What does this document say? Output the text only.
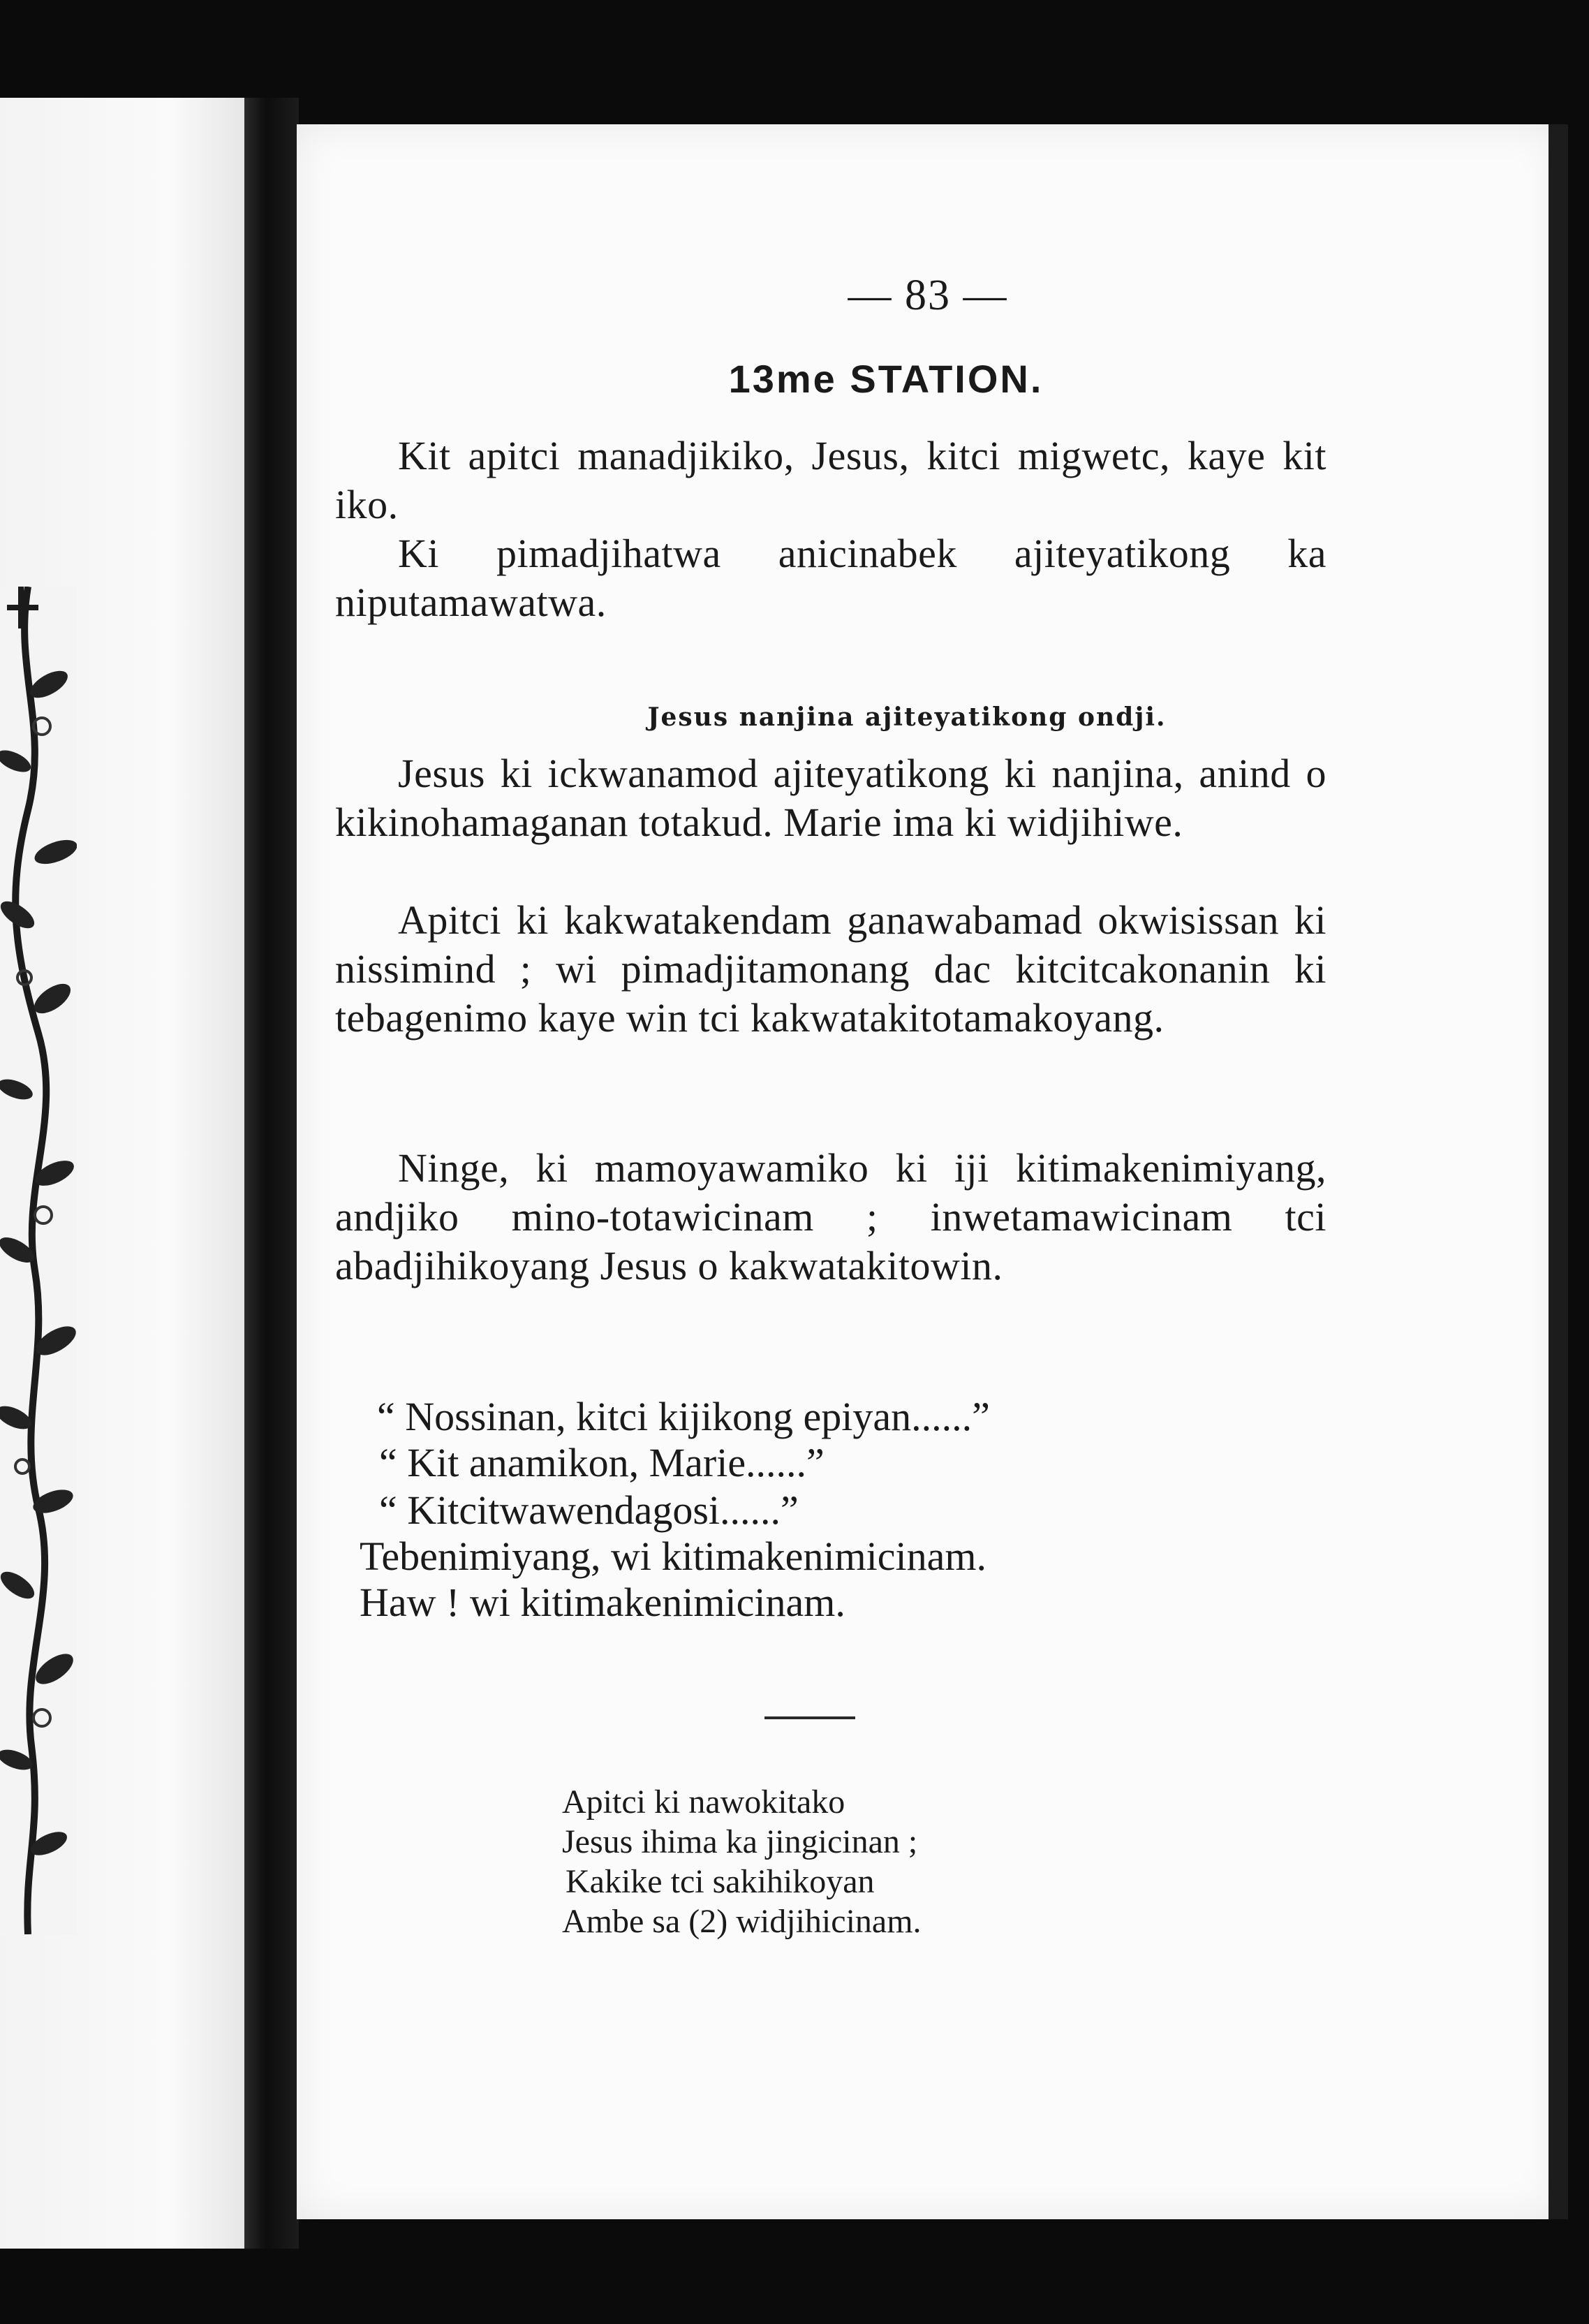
— 83 —
13me STATION.

Kit apitci manadjikiko, Jesus, kitci migwetc, kaye kit iko.

Ki pimadjihatwa anicinabek ajiteyatikong ka niputamawatwa.

Jesus nanjina ajiteyatikong ondji.

Jesus ki ickwanamod ajiteyatikong ki nanjina, anind o kikinohamaganan totakud. Marie ima ki widjihiwe.

Apitci ki kakwatakendam ganawabamad okwisissan ki nissimind ; wi pimadjitamonang dac kitcitcakonanin ki tebagenimo kaye win tci kakwatakitotamakoyang.

Ninge, ki mamoyawamiko ki iji kitimakenimiyang, andjiko mino-totawicinam ; inwetamawicinam tci abadjihikoyang Jesus o kakwatakitowin.

“ Nossinan, kitci kijikong epiyan......”
“ Kit anamikon, Marie......”
“ Kitcitwawendagosi......”
Tebenimiyang, wi kitimakenimicinam.
Haw ! wi kitimakenimicinam.
Apitci ki nawokitako
Jesus ihima ka jingicinan ;
Kakike tci sakihikoyan
Ambe sa (2) widjihicinam.
